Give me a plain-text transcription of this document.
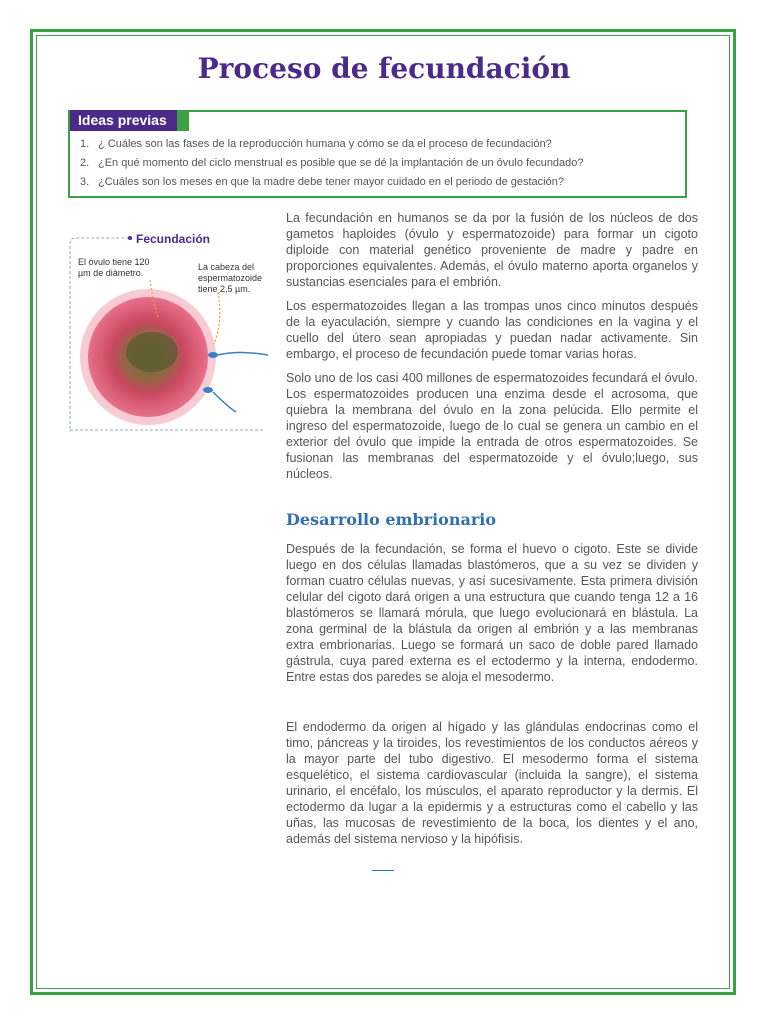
Proceso de fecundación
Ideas previas
1. ¿ Cuáles son las fases de la reproducción humana y cómo se da el proceso de fecundación?
2. ¿En qué momento del ciclo menstrual es posible que se dé la implantación de un óvulo fecundado?
3. ¿Cuáles son los meses en que la madre debe tener mayor cuidado en el periodo de gestación?
Fecundación
El óvulo tiene 120 µm de diámetro.
La cabeza del espermatozoide tiene 2,5 µm.

La fecundación en humanos se da por la fusión de los núcleos de dos gametos haploides (óvulo y espermatozoide) para formar un cigoto diploide con material genético proveniente de madre y padre en proporciones equivalentes. Además, el óvulo materno aporta organelos y sustancias esenciales para el embrión.

Los espermatozoides llegan a las trompas unos cinco minutos después de la eyaculación, siempre y cuando las condiciones en la vagina y el cuello del útero sean apropiadas y puedan nadar activamente. Sin embargo, el proceso de fecundación puede tomar varias horas.

Solo uno de los casi 400 millones de espermatozoides fecundará el óvulo. Los espermatozoides producen una enzima desde el acrosoma, que quiebra la membrana del óvulo en la zona pelúcida. Ello permite el ingreso del espermatozoide, luego de lo cual se genera un cambio en el exterior del óvulo que impide la entrada de otros espermatozoides. Se fusionan las membranas del espermatozoide y el óvulo;luego, sus núcleos.

Desarrollo embrionario

Después de la fecundación, se forma el huevo o cigoto. Este se divide luego en dos células llamadas blastómeros, que a su vez se dividen y forman cuatro células nuevas, y así sucesivamente. Esta primera división celular del cigoto dará origen a una estructura que cuando tenga 12 a 16 blastómeros se llamará mórula, que luego evolucionará en blástula. La zona germinal de la blástula da origen al embrión y a las membranas extra embrionarias. Luego se formará un saco de doble pared llamado gástrula, cuya pared externa es el ectodermo y la interna, endodermo. Entre estas dos paredes se aloja el mesodermo.

El endodermo da origen al hígado y las glándulas endocrinas como el timo, páncreas y la tiroides, los revestimientos de los conductos aéreos y la mayor parte del tubo digestivo. El mesodermo forma el sistema esquelético, el sistema cardiovascular (incluida la sangre), el sistema urinario, el encéfalo, los músculos, el aparato reproductor y la dermis. El ectodermo da lugar a la epidermis y a estructuras como el cabello y las uñas, las mucosas de revestimiento de la boca, los dientes y el ano, además del sistema nervioso y la hipófisis.
